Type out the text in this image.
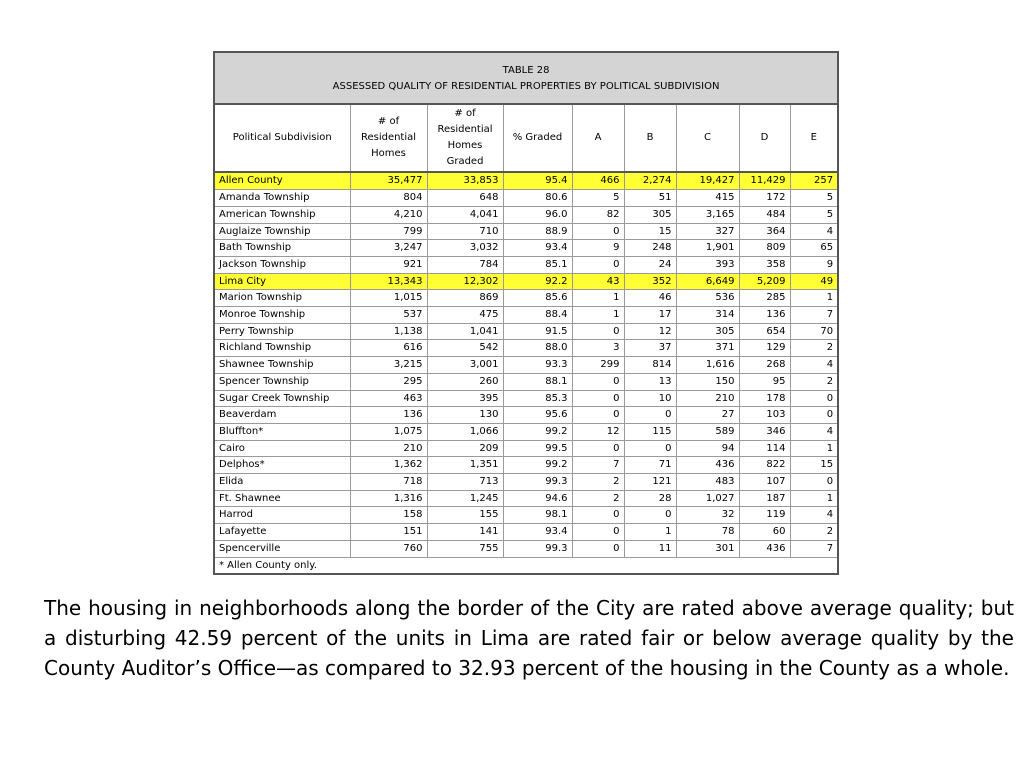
TABLE 28
ASSESSED QUALITY OF RESIDENTIAL PROPERTIES BY POLITICAL SUBDIVISION								

Political Subdivision	# of Residential Homes	# of Residential Homes Graded	% Graded	A	B	C	D	E
Allen County	35,477	33,853	95.4	466	2,274	19,427	11,429	257
Amanda Township	804	648	80.6	5	51	415	172	5
American Township	4,210	4,041	96.0	82	305	3,165	484	5
Auglaize Township	799	710	88.9	0	15	327	364	4
Bath Township	3,247	3,032	93.4	9	248	1,901	809	65
Jackson Township	921	784	85.1	0	24	393	358	9
Lima City	13,343	12,302	92.2	43	352	6,649	5,209	49
Marion Township	1,015	869	85.6	1	46	536	285	1
Monroe Township	537	475	88.4	1	17	314	136	7
Perry Township	1,138	1,041	91.5	0	12	305	654	70
Richland Township	616	542	88.0	3	37	371	129	2
Shawnee Township	3,215	3,001	93.3	299	814	1,616	268	4
Spencer Township	295	260	88.1	0	13	150	95	2
Sugar Creek Township	463	395	85.3	0	10	210	178	0
Beaverdam	136	130	95.6	0	0	27	103	0
Bluffton*	1,075	1,066	99.2	12	115	589	346	4
Cairo	210	209	99.5	0	0	94	114	1
Delphos*	1,362	1,351	99.2	7	71	436	822	15
Elida	718	713	99.3	2	121	483	107	0
Ft. Shawnee	1,316	1,245	94.6	2	28	1,027	187	1
Harrod	158	155	98.1	0	0	32	119	4
Lafayette	151	141	93.4	0	1	78	60	2
Spencerville	760	755	99.3	0	11	301	436	7
* Allen County only.								

The housing in neighborhoods along the border of the City are rated above average quality; but a disturbing 42.59 percent of the units in Lima are rated fair or below average quality by the County Auditor’s Office—as compared to 32.93 percent of the housing in the County as a whole.
